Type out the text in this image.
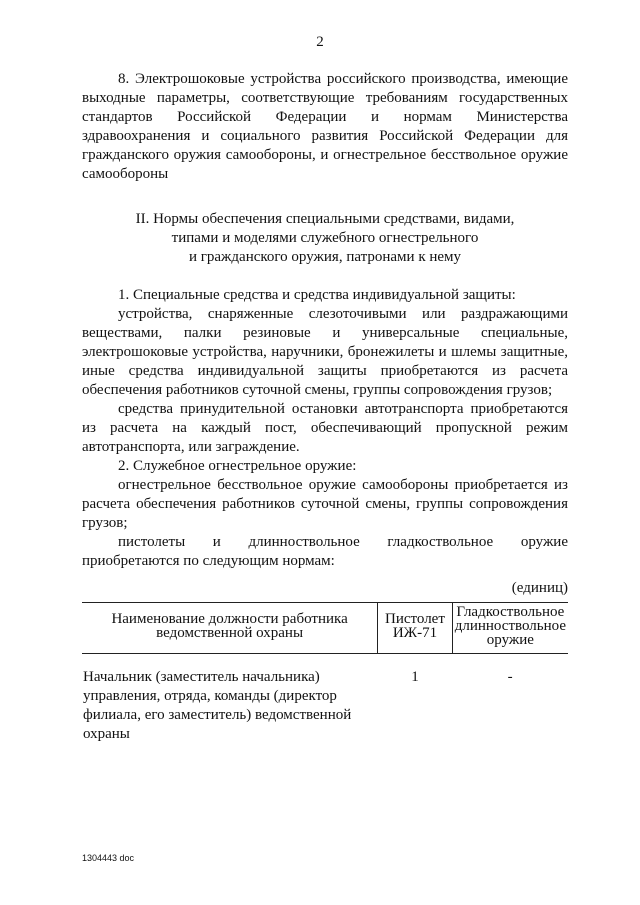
2

8. Электрошоковые устройства российского производства, имеющие выходные параметры, соответствующие требованиям государственных стандартов Российской Федерации и нормам Министерства здравоохранения и социального развития Российской Федерации для гражданского оружия самообороны, и огнестрельное бесствольное оружие самообороны

II. Нормы обеспечения специальными средствами, видами,
типами и моделями служебного огнестрельного
и гражданского оружия, патронами к нему

1. Специальные средства и средства индивидуальной защиты:

устройства, снаряженные слезоточивыми или раздражающими веществами, палки резиновые и универсальные специальные, электрошоковые устройства, наручники, бронежилеты и шлемы защитные, иные средства индивидуальной защиты приобретаются из расчета обеспечения работников суточной смены, группы сопровождения грузов;

средства принудительной остановки автотранспорта приобретаются из расчета на каждый пост, обеспечивающий пропускной режим автотранспорта, или заграждение.

2. Служебное огнестрельное оружие:

огнестрельное бесствольное оружие самообороны приобретается из расчета обеспечения работников суточной смены, группы сопровождения грузов;

пистолеты и длинноствольное гладкоствольное оружие приобретаются по следующим нормам:

(единиц)

Наименование должности работника ведомственной охраны	Пистолет ИЖ-71	Гладкоствольное длинноствольное оружие
Начальник (заместитель начальника) управления, отряда, команды (директор филиала, его заместитель) ведомственной охраны	1	-
1304443 doc
